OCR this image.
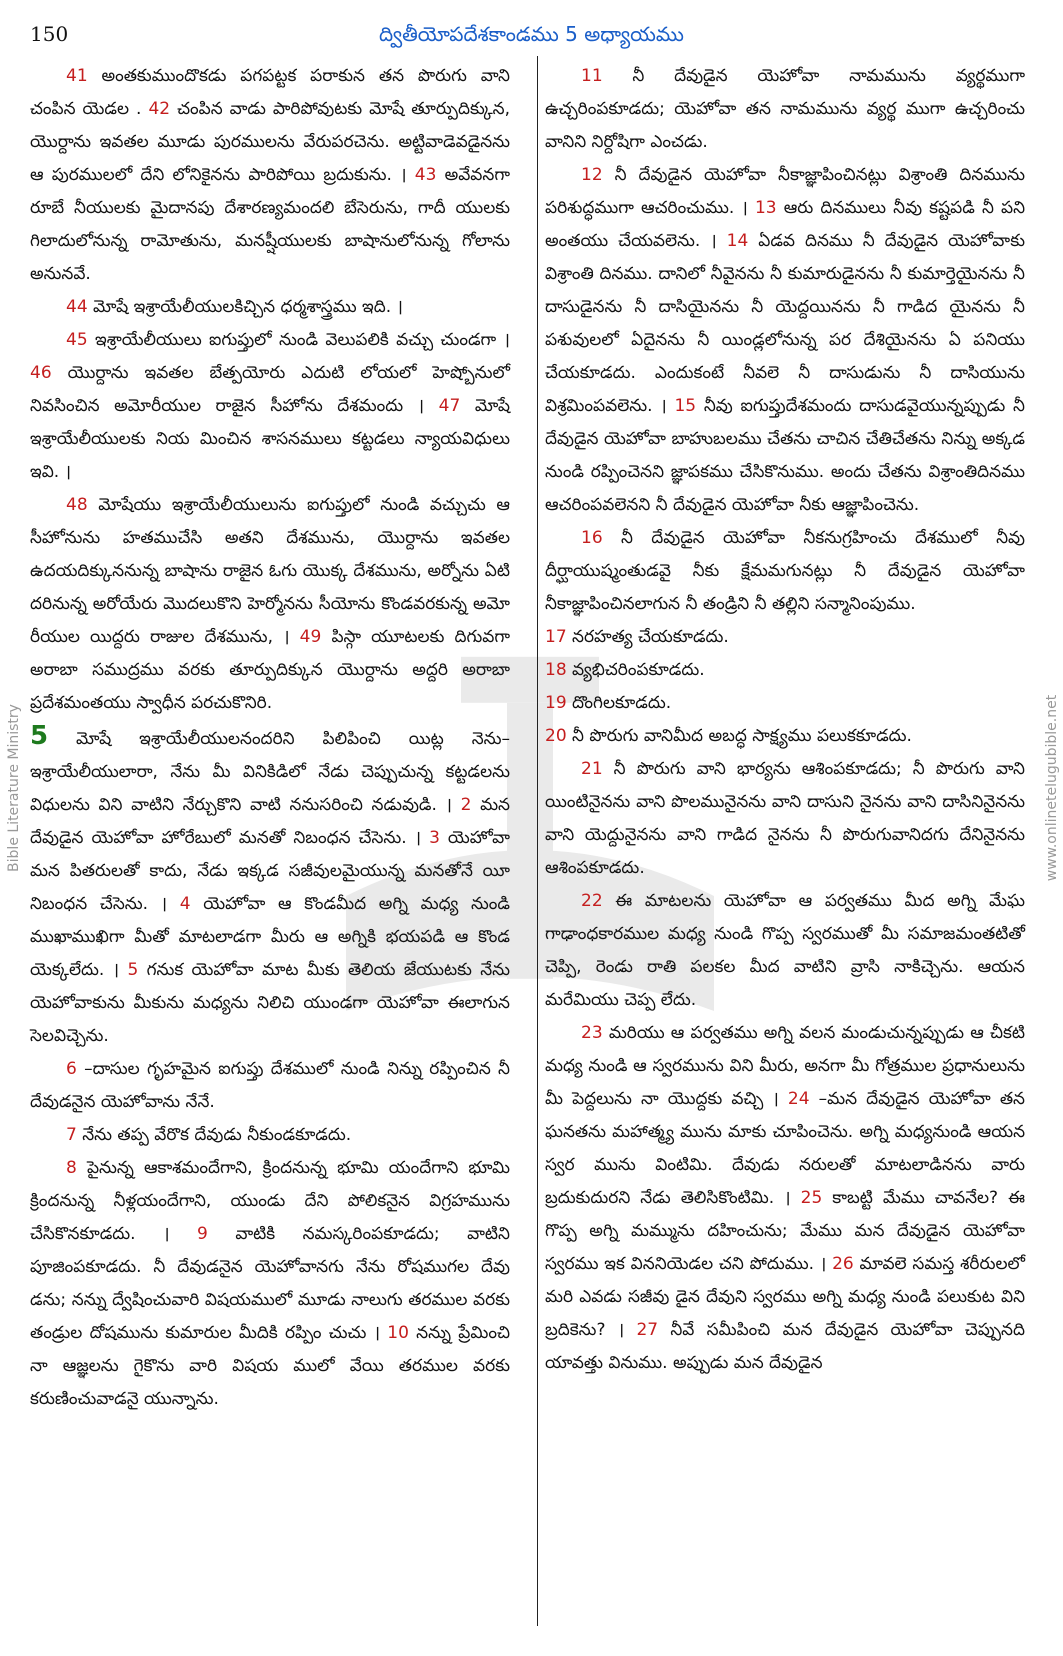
150	ద్వితీయోపదేశకాండము 5 అధ్యాయము
Bible Literature Ministry	www.onlinetelugubible.net

41 అంతకుముందొకడు పగపట్టక పరాకున తన పొరుగు వాని చంపిన యెడల . 42 చంపిన వాడు పారిపోవుటకు మోషే తూర్పుదిక్కున, యొర్దాను ఇవతల మూడు పురములను వేరుపరచెను. అట్టివాడెవడైనను ఆ పురములలో దేని లోనికైనను పారిపోయి బ్రదుకును. । 43 అవేవనగా రూబే నీయులకు మైదానపు దేశారణ్యమందలి బేసెరును, గాదీ యులకు గిలాదులోనున్న రామోతును, మనష్షీయులకు బాషానులోనున్న గోలాను అనునవే.

44 మోషే ఇశ్రాయేలీయులకిచ్చిన ధర్మశాస్త్రము ఇది. ।

45 ఇశ్రాయేలీయులు ఐగుప్తులో నుండి వెలుపలికి వచ్చు చుండగా । 46 యొర్దాను ఇవతల బేత్పయోరు ఎదుటి లోయలో హెష్బోనులో నివసించిన అమోరీయుల రాజైన సీహోను దేశమందు । 47 మోషే ఇశ్రాయేలీయులకు నియ మించిన శాసనములు కట్టడలు న్యాయవిధులు ఇవి. ।

48 మోషేయు ఇశ్రాయేలీయులును ఐగుప్తులో నుండి వచ్చుచు ఆ సీహోనును హతముచేసి అతని దేశమును, యొర్దాను ఇవతల ఉదయదిక్కుననున్న బాషాను రాజైన ఓగు యొక్క దేశమును, అర్నోను ఏటి దరినున్న అరోయేరు మొదలుకొని హెర్మోనను సీయోను కొండవరకున్న అమో రీయుల యిద్దరు రాజుల దేశమును, । 49 పిస్గా యూటలకు దిగువగా అరాబా సముద్రము వరకు తూర్పుదిక్కున యొర్దాను అద్దరి అరాబా ప్రదేశమంతయు స్వాధీన పరచుకొనిరి.

5 మోషే ఇశ్రాయేలీయులనందరిని పిలిపించి యిట్ల నెను–ఇశ్రాయేలీయులారా, నేను మీ వినికిడిలో నేడు చెప్పుచున్న కట్టడలను విధులను విని వాటిని నేర్చుకొని వాటి ననుసరించి నడువుడి. । 2 మన దేవుడైన యెహోవా హోరేబులో మనతో నిబంధన చేసెను. । 3 యెహోవా మన పితరులతో కాదు, నేడు ఇక్కడ సజీవులమైయున్న మనతోనే యీ నిబంధన చేసెను. । 4 యెహోవా ఆ కొండమీద అగ్ని మధ్య నుండి ముఖాముఖిగా మీతో మాటలాడగా మీరు ఆ అగ్నికి భయపడి ఆ కొండ యెక్కలేదు. । 5 గనుక యెహోవా మాట మీకు తెలియ జేయుటకు నేను యెహోవాకును మీకును మధ్యను నిలిచి యుండగా యెహోవా ఈలాగున సెలవిచ్చెను.

6 –దాసుల గృహమైన ఐగుప్తు దేశములో నుండి నిన్ను రప్పించిన నీ దేవుడనైన యెహోవాను నేనే.

7 నేను తప్ప వేరొక దేవుడు నీకుండకూడదు.

8 పైనున్న ఆకాశమందేగాని, క్రిందనున్న భూమి యందేగాని భూమి క్రిందనున్న నీళ్లయందేగాని, యుండు దేని పోలికనైన విగ్రహమును చేసికొనకూడదు. । 9 వాటికి నమస్కరింపకూడదు; వాటిని పూజింపకూడదు. నీ దేవుడనైన యెహోవానగు నేను రోషముగల దేవు డను; నన్ను ద్వేషించువారి విషయములో మూడు నాలుగు తరముల వరకు తండ్రుల దోషమును కుమారుల మీదికి రప్పిం చుచు । 10 నన్ను ప్రేమించి నా ఆజ్ఞలను గైకొను వారి విషయ ములో వేయి తరముల వరకు కరుణించువాడనై యున్నాను.

11 నీ దేవుడైన యెహోవా నామమును వ్యర్థముగా ఉచ్చరింపకూడదు; యెహోవా తన నామమును వ్యర్థ ముగా ఉచ్చరించు వానిని నిర్దోషిగా ఎంచడు.

12 నీ దేవుడైన యెహోవా నీకాజ్ఞాపించినట్లు విశ్రాంతి దినమును పరిశుద్ధముగా ఆచరించుము. । 13 ఆరు దినములు నీవు కష్టపడి నీ పని అంతయు చేయవలెను. । 14 ఏడవ దినము నీ దేవుడైన యెహోవాకు విశ్రాంతి దినము. దానిలో నీవైనను నీ కుమారుడైనను నీ కుమార్తెయైనను నీ దాసుడైనను నీ దాసియైనను నీ యెద్దయినను నీ గాడిద యైనను నీ పశువులలో ఏదైనను నీ యిండ్లలోనున్న పర దేశియైనను ఏ పనియు చేయకూడదు. ఎందుకంటే నీవలె నీ దాసుడును నీ దాసియును విశ్రమింపవలెను. । 15 నీవు ఐగుప్తుదేశమందు దాసుడవైయున్నప్పుడు నీ దేవుడైన యెహోవా బాహుబలము చేతను చాచిన చేతిచేతను నిన్ను అక్కడ నుండి రప్పించెనని జ్ఞాపకము చేసికొనుము. అందు చేతను విశ్రాంతిదినము ఆచరింపవలెనని నీ దేవుడైన యెహోవా నీకు ఆజ్ఞాపించెను.

16 నీ దేవుడైన యెహోవా నీకనుగ్రహించు దేశములో నీవు దీర్ఘాయుష్మంతుడవై నీకు క్షేమమగునట్లు నీ దేవుడైన యెహోవా నీకాజ్ఞాపించినలాగున నీ తండ్రిని నీ తల్లిని సన్మానింపుము.

17 నరహత్య చేయకూడదు.

18 వ్యభిచరింపకూడదు.

19 దొంగిలకూడదు.

20 నీ పొరుగు వానిమీద అబద్ధ సాక్ష్యము పలుకకూడదు.

21 నీ పొరుగు వాని భార్యను ఆశింపకూడదు; నీ పొరుగు వాని యింటినైనను వాని పొలమునైనను వాని దాసుని నైనను వాని దాసినినైనను వాని యెద్దునైనను వాని గాడిద నైనను నీ పొరుగువానిదగు దేనినైనను ఆశింపకూడదు.

22 ఈ మాటలను యెహోవా ఆ పర్వతము మీద అగ్ని మేఘ గాఢాంధకారముల మధ్య నుండి గొప్ప స్వరముతో మీ సమాజమంతటితో చెప్పి, రెండు రాతి పలకల మీద వాటిని వ్రాసి నాకిచ్చెను. ఆయన మరేమియు చెప్ప లేదు.

23 మరియు ఆ పర్వతము అగ్ని వలన మండుచున్నప్పుడు ఆ చీకటి మధ్య నుండి ఆ స్వరమును విని మీరు, అనగా మీ గోత్రముల ప్రధానులును మీ పెద్దలును నా యొద్దకు వచ్చి । 24 –మన దేవుడైన యెహోవా తన ఘనతను మహాత్మ్య మును మాకు చూపించెను. అగ్ని మధ్యనుండి ఆయన స్వర మును వింటిమి. దేవుడు నరులతో మాటలాడినను వారు బ్రదుకుదురని నేడు తెలిసికొంటిమి. । 25 కాబట్టి మేము చావనేల? ఈ గొప్ప అగ్ని మమ్మును దహించును; మేము మన దేవుడైన యెహోవా స్వరము ఇక విననియెడల చని పోదుము. । 26 మావలె సమస్త శరీరులలో మరి ఎవడు సజీవు డైన దేవుని స్వరము అగ్ని మధ్య నుండి పలుకుట విని బ్రదికెను? । 27 నీవే సమీపించి మన దేవుడైన యెహోవా చెప్పునది యావత్తు వినుము. అప్పుడు మన దేవుడైన
